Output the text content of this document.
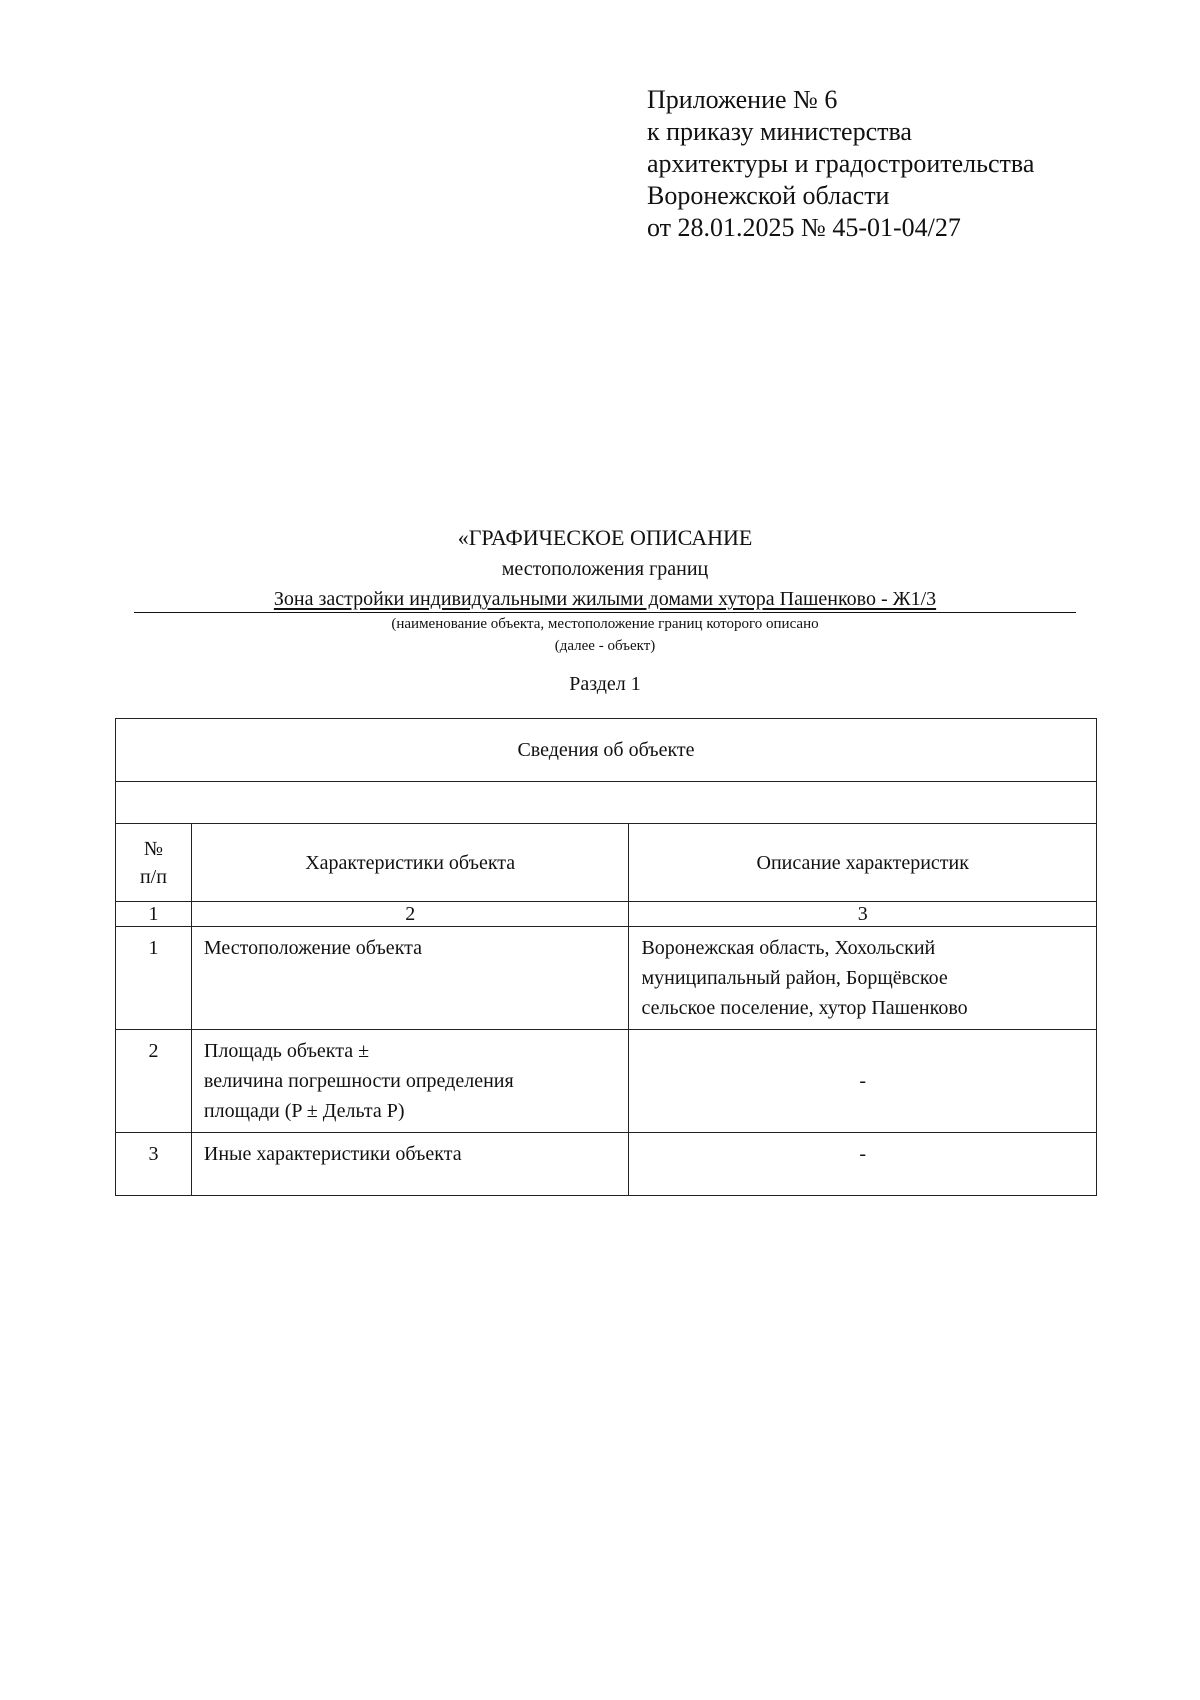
Приложение № 6
к приказу министерства
архитектуры и градостроительства
Воронежской области
от 28.01.2025 № 45-01-04/27
«ГРАФИЧЕСКОЕ ОПИСАНИЕ
местоположения границ
Зона застройки индивидуальными жилыми домами хутора Пашенково - Ж1/3
(наименование объекта, местоположение границ которого описано
(далее - объект)
Раздел 1
Сведения об объекте		

№
п/п	Характеристики объекта	Описание характеристик
1	2	3
1	Местоположение объекта	Воронежская область, Хохольский
муниципальный район, Борщёвское
сельское поселение, хутор Пашенково

2	Площадь объекта ±
величина погрешности определения
площади (P ± Дельта P)	-
3	Иные характеристики объекта	-
